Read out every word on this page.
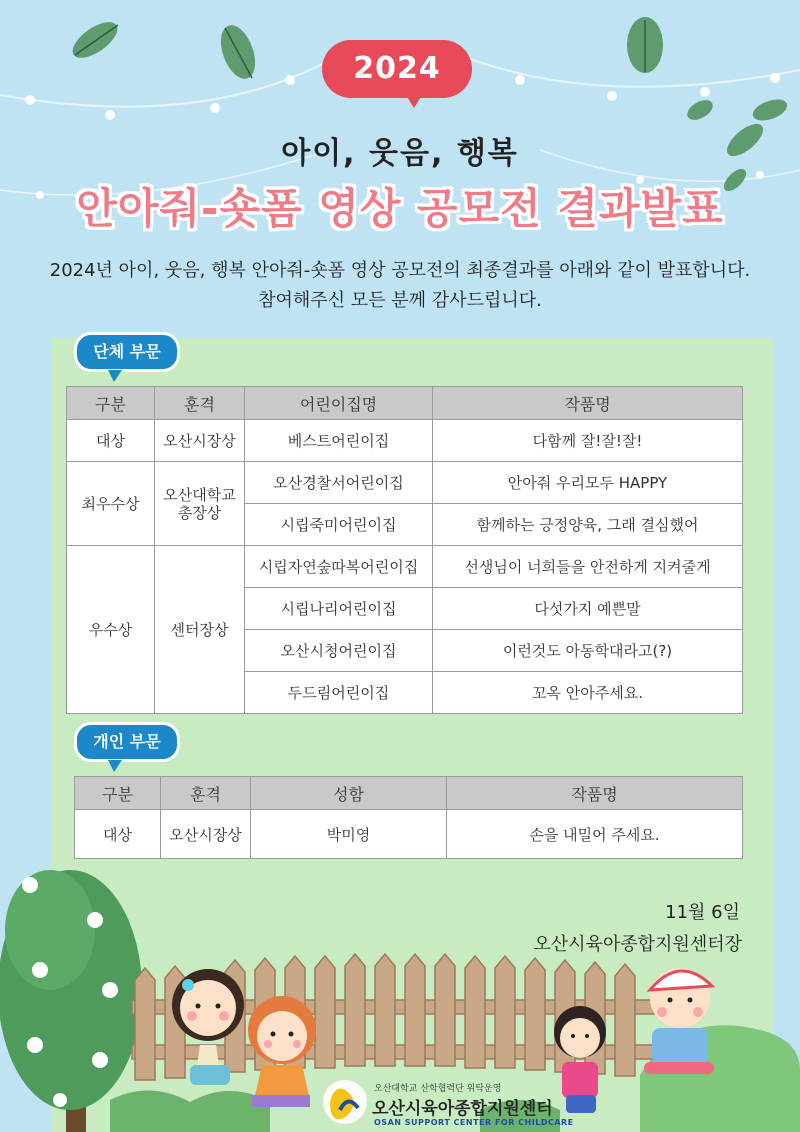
2024
아이, 웃음, 행복
안아줘-숏폼 영상 공모전 결과발표
2024년 아이, 웃음, 행복 안아줘-숏폼 영상 공모전의 최종결과를 아래와 같이 발표합니다.
참여해주신 모든 분께 감사드립니다.
단체 부문
구분	훈격	어린이집명	작품명
대상	오산시장상	베스트어린이집	다함께 잘!잘!잘!
최우수상	오산대학교 총장상	오산경찰서어린이집	안아줘 우리모두 HAPPY
		시립죽미어린이집	함께하는 긍정양육, 그래 결심했어
우수상	센터장상	시립자연숲따복어린이집	선생님이 너희들을 안전하게 지켜줄게
		시립나리어린이집	다섯가지 예쁜말
		오산시청어린이집	이런것도 아동학대라고(?)
		두드림어린이집	꼬옥 안아주세요.
개인 부문
구분	훈격	성함	작품명
대상	오산시장상	박미영	손을 내밀어 주세요.
11월 6일
오산시육아종합지원센터장
오산대학교 산학협력단 위탁운영
오산시육아종합지원센터
OSAN SUPPORT CENTER FOR CHILDCARE
